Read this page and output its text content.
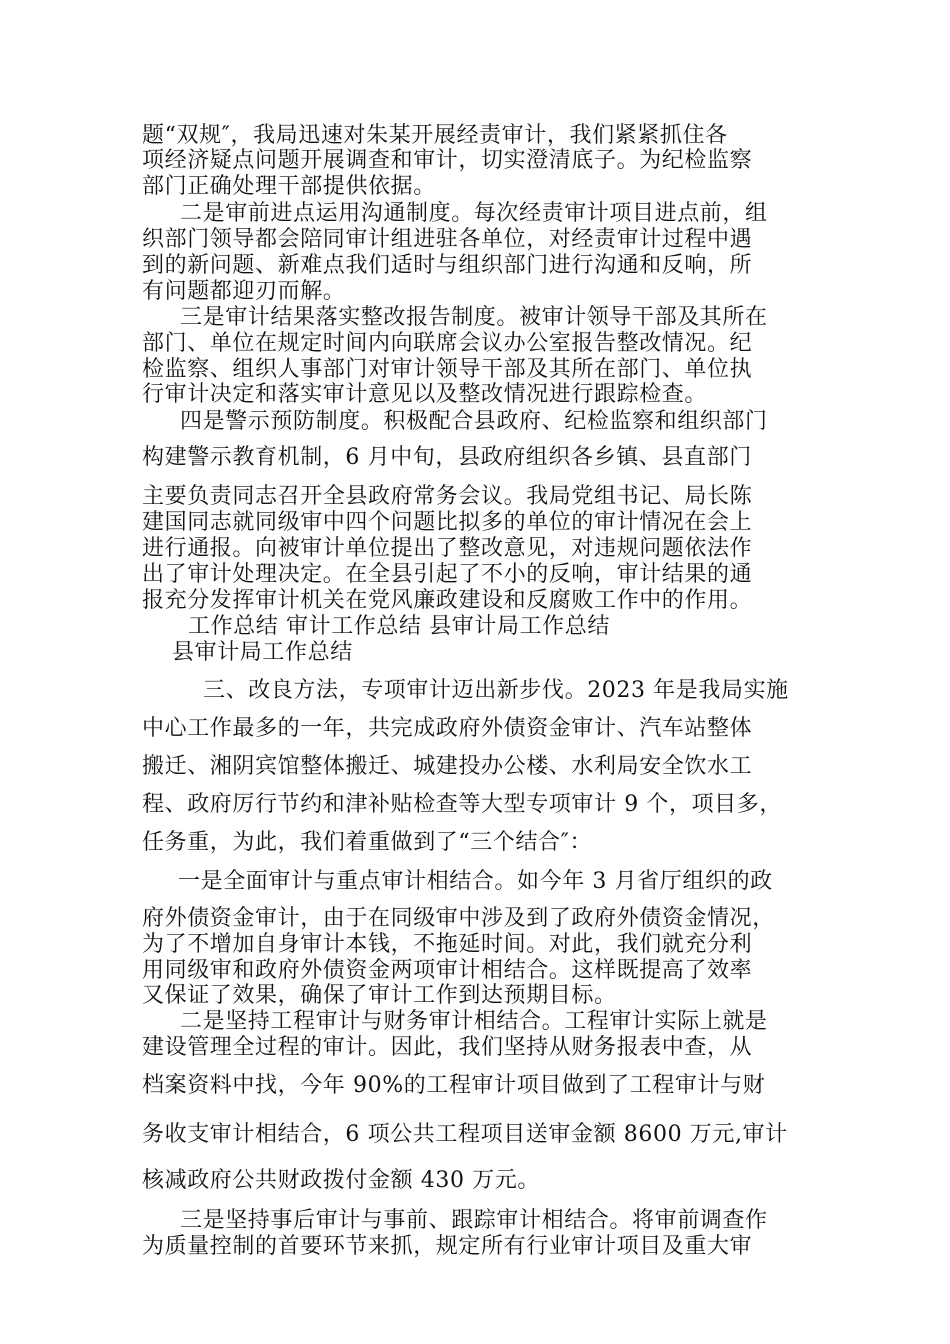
题“双规″，我局迅速对朱某开展经责审计，我们紧紧抓住各
项经济疑点问题开展调查和审计，切实澄清底子。为纪检监察
部门正确处理干部提供依据。
二是审前进点运用沟通制度。每次经责审计项目进点前，组
织部门领导都会陪同审计组进驻各单位，对经责审计过程中遇
到的新问题、新难点我们适时与组织部门进行沟通和反响，所
有问题都迎刃而解。
三是审计结果落实整改报告制度。被审计领导干部及其所在
部门、单位在规定时间内向联席会议办公室报告整改情况。纪
检监察、组织人事部门对审计领导干部及其所在部门、单位执
行审计决定和落实审计意见以及整改情况进行跟踪检查。
四是警示预防制度。积极配合县政府、纪检监察和组织部门
构建警示教育机制，6 月中旬，县政府组织各乡镇、县直部门
主要负责同志召开全县政府常务会议。我局党组书记、局长陈
建国同志就同级审中四个问题比拟多的单位的审计情况在会上
进行通报。向被审计单位提出了整改意见，对违规问题依法作
出了审计处理决定。在全县引起了不小的反响，审计结果的通
报充分发挥审计机关在党风廉政建设和反腐败工作中的作用。
工作总结 审计工作总结 县审计局工作总结
县审计局工作总结
三、改良方法，专项审计迈出新步伐。2023 年是我局实施
中心工作最多的一年，共完成政府外债资金审计、汽车站整体
搬迁、湘阴宾馆整体搬迁、城建投办公楼、水利局安全饮水工
程、政府厉行节约和津补贴检查等大型专项审计 9 个，项目多，
任务重，为此，我们着重做到了“三个结合″：
一是全面审计与重点审计相结合。如今年 3 月省厅组织的政
府外债资金审计，由于在同级审中涉及到了政府外债资金情况，
为了不增加自身审计本钱，不拖延时间。对此，我们就充分利
用同级审和政府外债资金两项审计相结合。这样既提高了效率
又保证了效果，确保了审计工作到达预期目标。
二是坚持工程审计与财务审计相结合。工程审计实际上就是
建设管理全过程的审计。因此，我们坚持从财务报表中查，从
档案资料中找，今年 90%的工程审计项目做到了工程审计与财
务收支审计相结合，6 项公共工程项目送审金额 8600 万元,审计
核减政府公共财政拨付金额 430 万元。
三是坚持事后审计与事前、跟踪审计相结合。将审前调查作
为质量控制的首要环节来抓，规定所有行业审计项目及重大审
